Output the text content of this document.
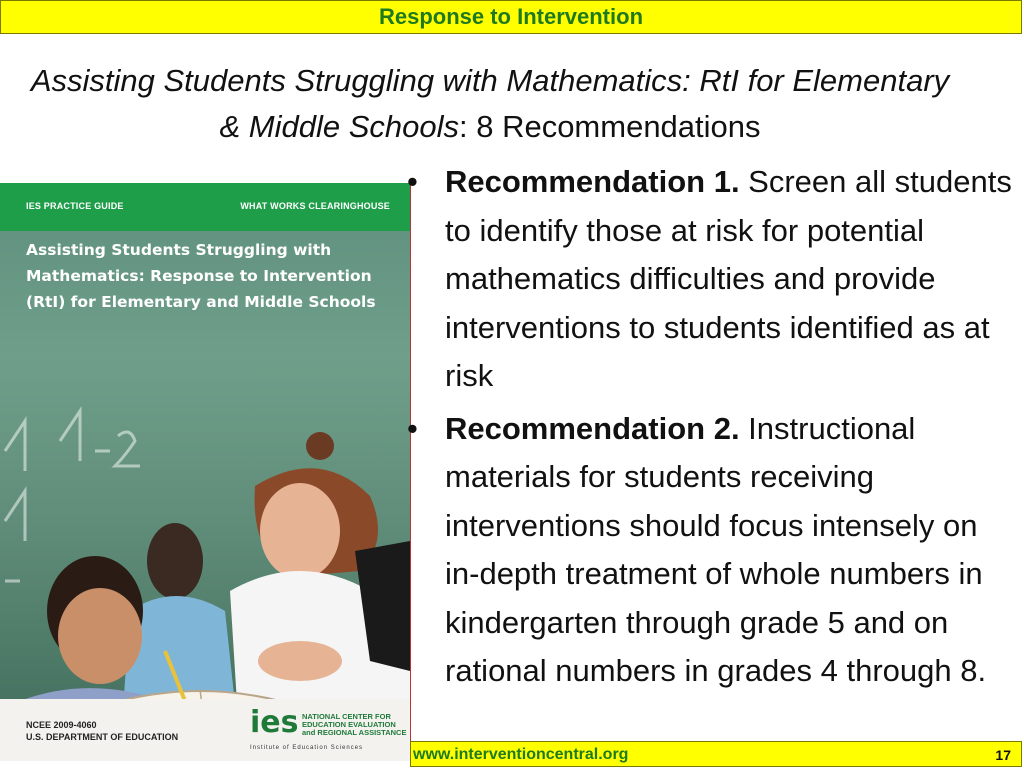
Response to Intervention
Assisting Students Struggling with Mathematics: RtI for Elementary
& Middle Schools: 8 Recommendations
IES PRACTICE GUIDE	WHAT WORKS CLEARINGHOUSE
Assisting Students Struggling with
Mathematics: Response to Intervention
(RtI) for Elementary and Middle Schools
NCEE 2009-4060
U.S. DEPARTMENT OF EDUCATION ies NATIONAL CENTER FOR
EDUCATION EVALUATION
and REGIONAL ASSISTANCE
Institute of Education Sciences
• Recommendation 1. Screen all students to identify those at risk for potential mathematics difficulties and provide interventions to students identified as at risk
• Recommendation 2. Instructional materials for students receiving interventions should focus intensely on in-depth treatment of whole numbers in kindergarten through grade 5 and on rational numbers in grades 4 through 8.
www.interventioncentral.org	17
